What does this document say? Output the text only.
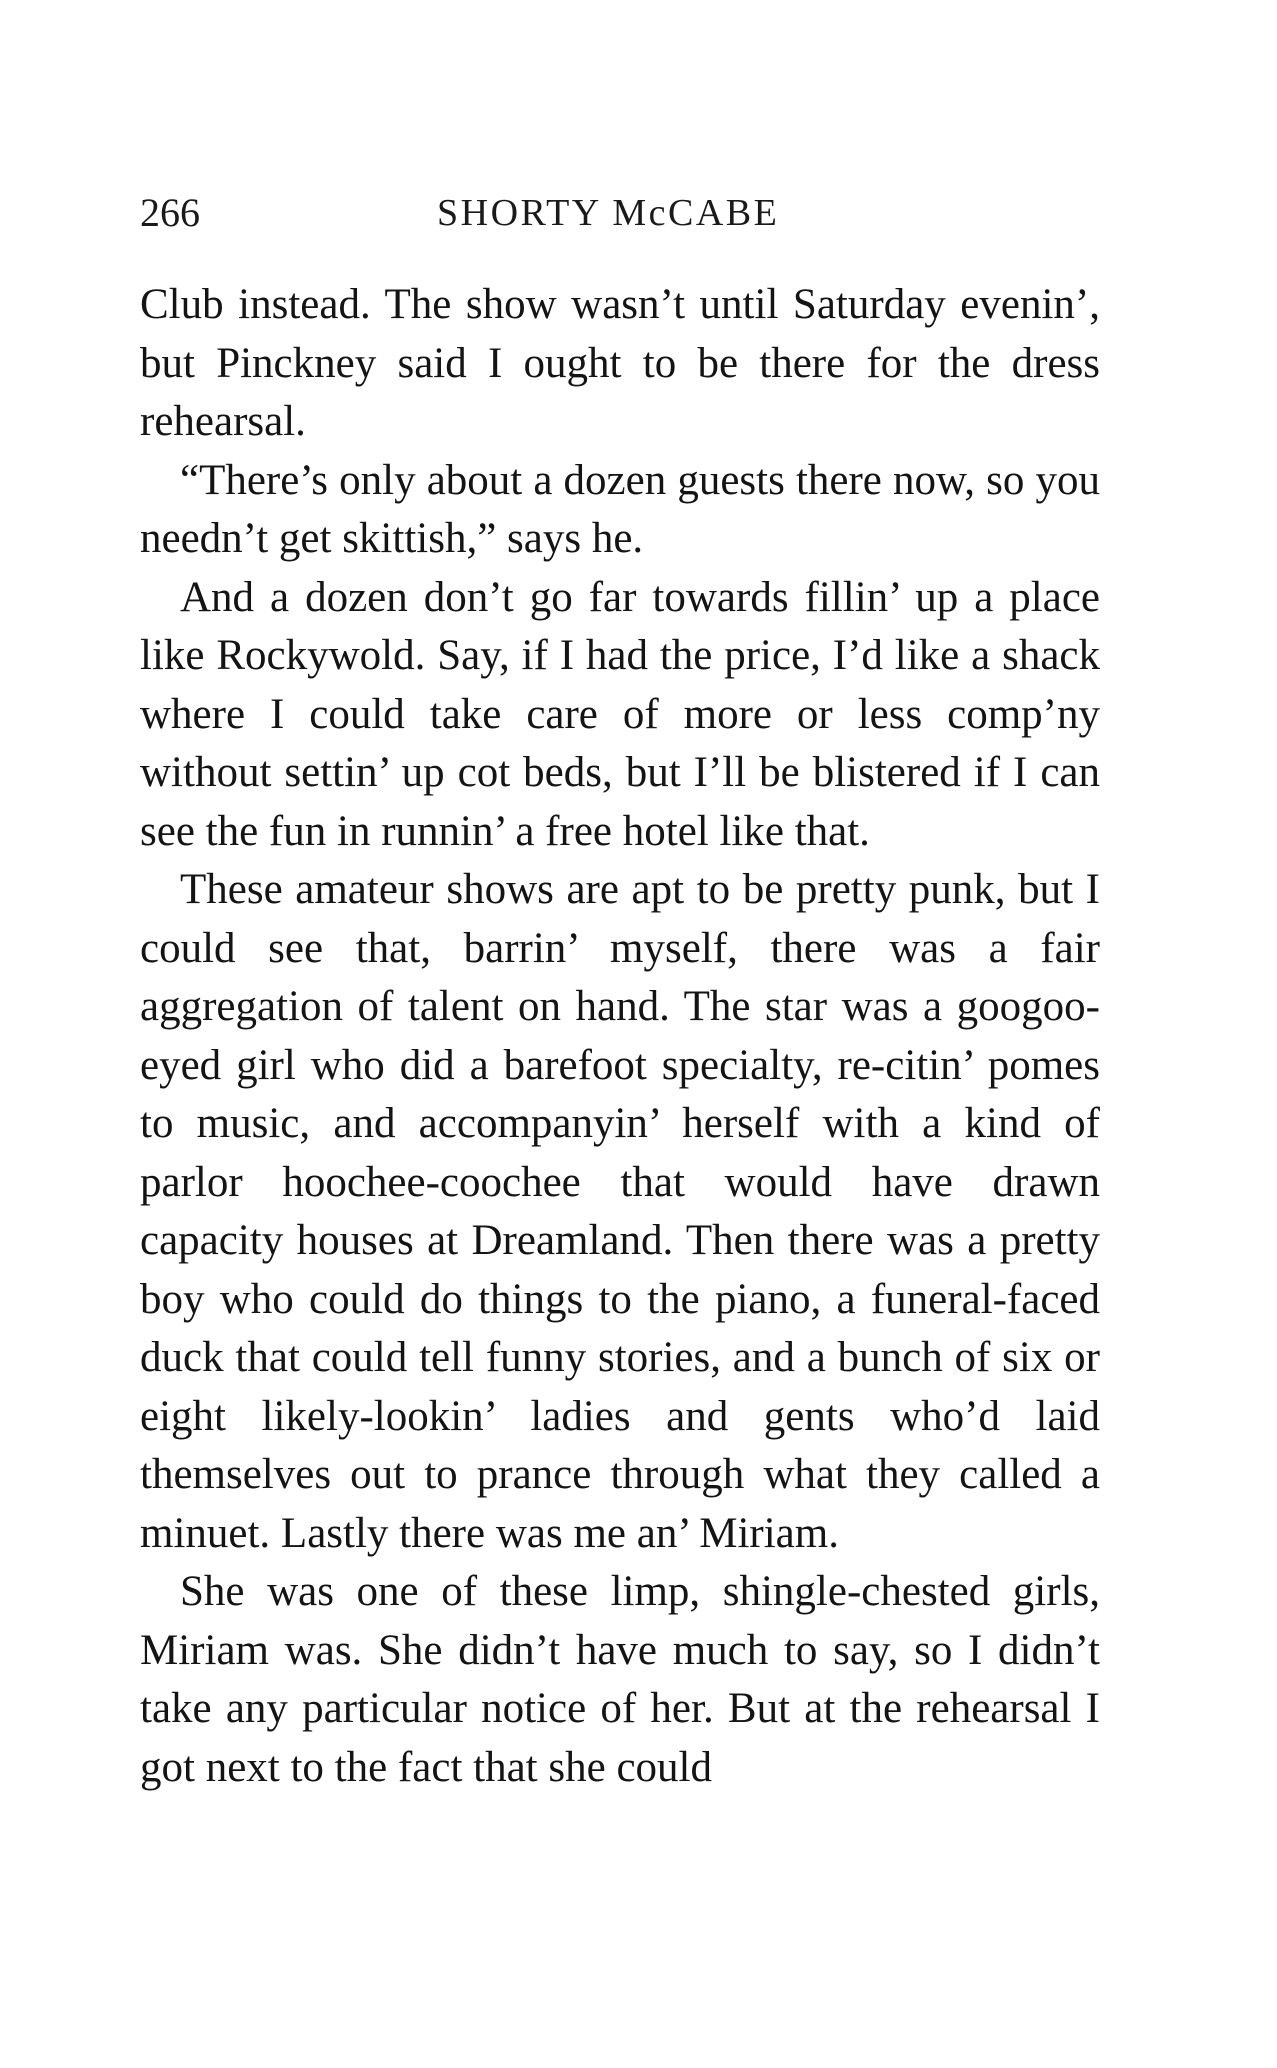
266	SHORTY McCABE

Club instead. The show wasn’t until Saturday evenin’, but Pinckney said I ought to be there for the dress rehearsal.

“There’s only about a dozen guests there now, so you needn’t get skittish,” says he.

And a dozen don’t go far towards fillin’ up a place like Rockywold. Say, if I had the price, I’d like a shack where I could take care of more or less comp’ny without settin’ up cot beds, but I’ll be blistered if I can see the fun in runnin’ a free hotel like that.

These amateur shows are apt to be pretty punk, but I could see that, barrin’ myself, there was a fair aggregation of talent on hand. The star was a googoo-eyed girl who did a barefoot specialty, re-citin’ pomes to music, and accompanyin’ herself with a kind of parlor hoochee-coochee that would have drawn capacity houses at Dreamland. Then there was a pretty boy who could do things to the piano, a funeral-faced duck that could tell funny stories, and a bunch of six or eight likely-lookin’ ladies and gents who’d laid themselves out to prance through what they called a minuet. Lastly there was me an’ Miriam.

She was one of these limp, shingle-chested girls, Miriam was. She didn’t have much to say, so I didn’t take any particular notice of her. But at the rehearsal I got next to the fact that she could
